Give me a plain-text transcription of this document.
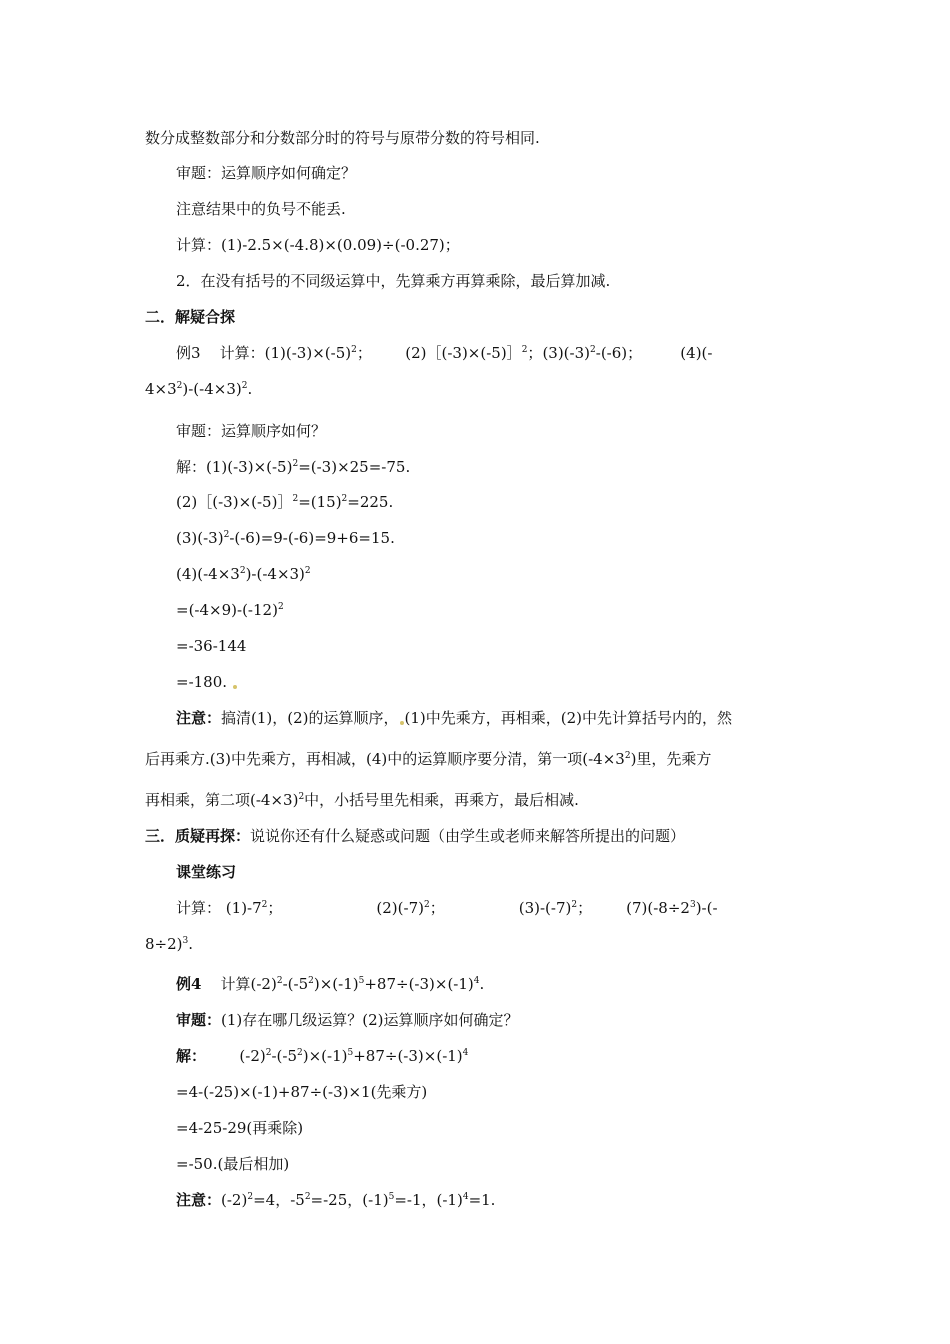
数分成整数部分和分数部分时的符号与原带分数的符号相同.
审题：运算顺序如何确定？
注意结果中的负号不能丢.
计算：(1)-2.5×(-4.8)×(0.09)÷(-0.27)；
2．在没有括号的不同级运算中，先算乘方再算乘除，最后算加减.
二．解疑合探
例3 计算：$(1)(-3)\times(-5)^2$； (2)［(-3)×(-5)］$^2$；$(3)(-3)^2-(-6)$；	(4)(-
$4\times 3^2)-(-4\times 3)^2$.
审题：运算顺序如何？
解：$(1)(-3)\times(-5)^2=(-3)\times 25=-75$.
$(2)[(-3)\times(-5)]^2=(15)^2=225$.
$(3)(-3)^2-(-6)=9-(-6)=9+6=15$.
$(4)(-4\times 3^2)-(-4\times 3)^2$
$=(-4\times 9)-(-12)^2$
=-36-144
=-180.
注意：搞清(1)，(2)的运算顺序， (1)中先乘方，再相乘，(2)中先计算括号内的，然
后再乘方.(3)中先乘方，再相减，(4)中的运算顺序要分清，第一项$(-4\times 3^2)$里，先乘方
再相乘，第二项$(-4\times 3)^2$中，小括号里先相乘，再乘方，最后相减.
三．质疑再探：说说你还有什么疑惑或问题（由学生或老师来解答所提出的问题）
课堂练习
计算： $(1)-7^2$；	$(2)(-7)^2$；	$(3)-(-7)^2$； $(7)(-8\div 2^3)-(-$
8÷2)$^3$.
例4 计算$(-2)^2-(-5^2)\times(-1)^5+87\div(-3)\times(-1)^4$.
审题：(1)存在哪几级运算？(2)运算顺序如何确定？
解： $(-2)^2-(-5^2)\times(-1)^5+87\div(-3)\times(-1)^4$
=4-(-25)×(-1)+87÷(-3)×1(先乘方)
=4-25-29(再乘除)
=-50.(最后相加)
注意：$(-2)^2=4$，$-5^2=-25$，$(-1)^5=-1$，$(-1)^4=1$.
